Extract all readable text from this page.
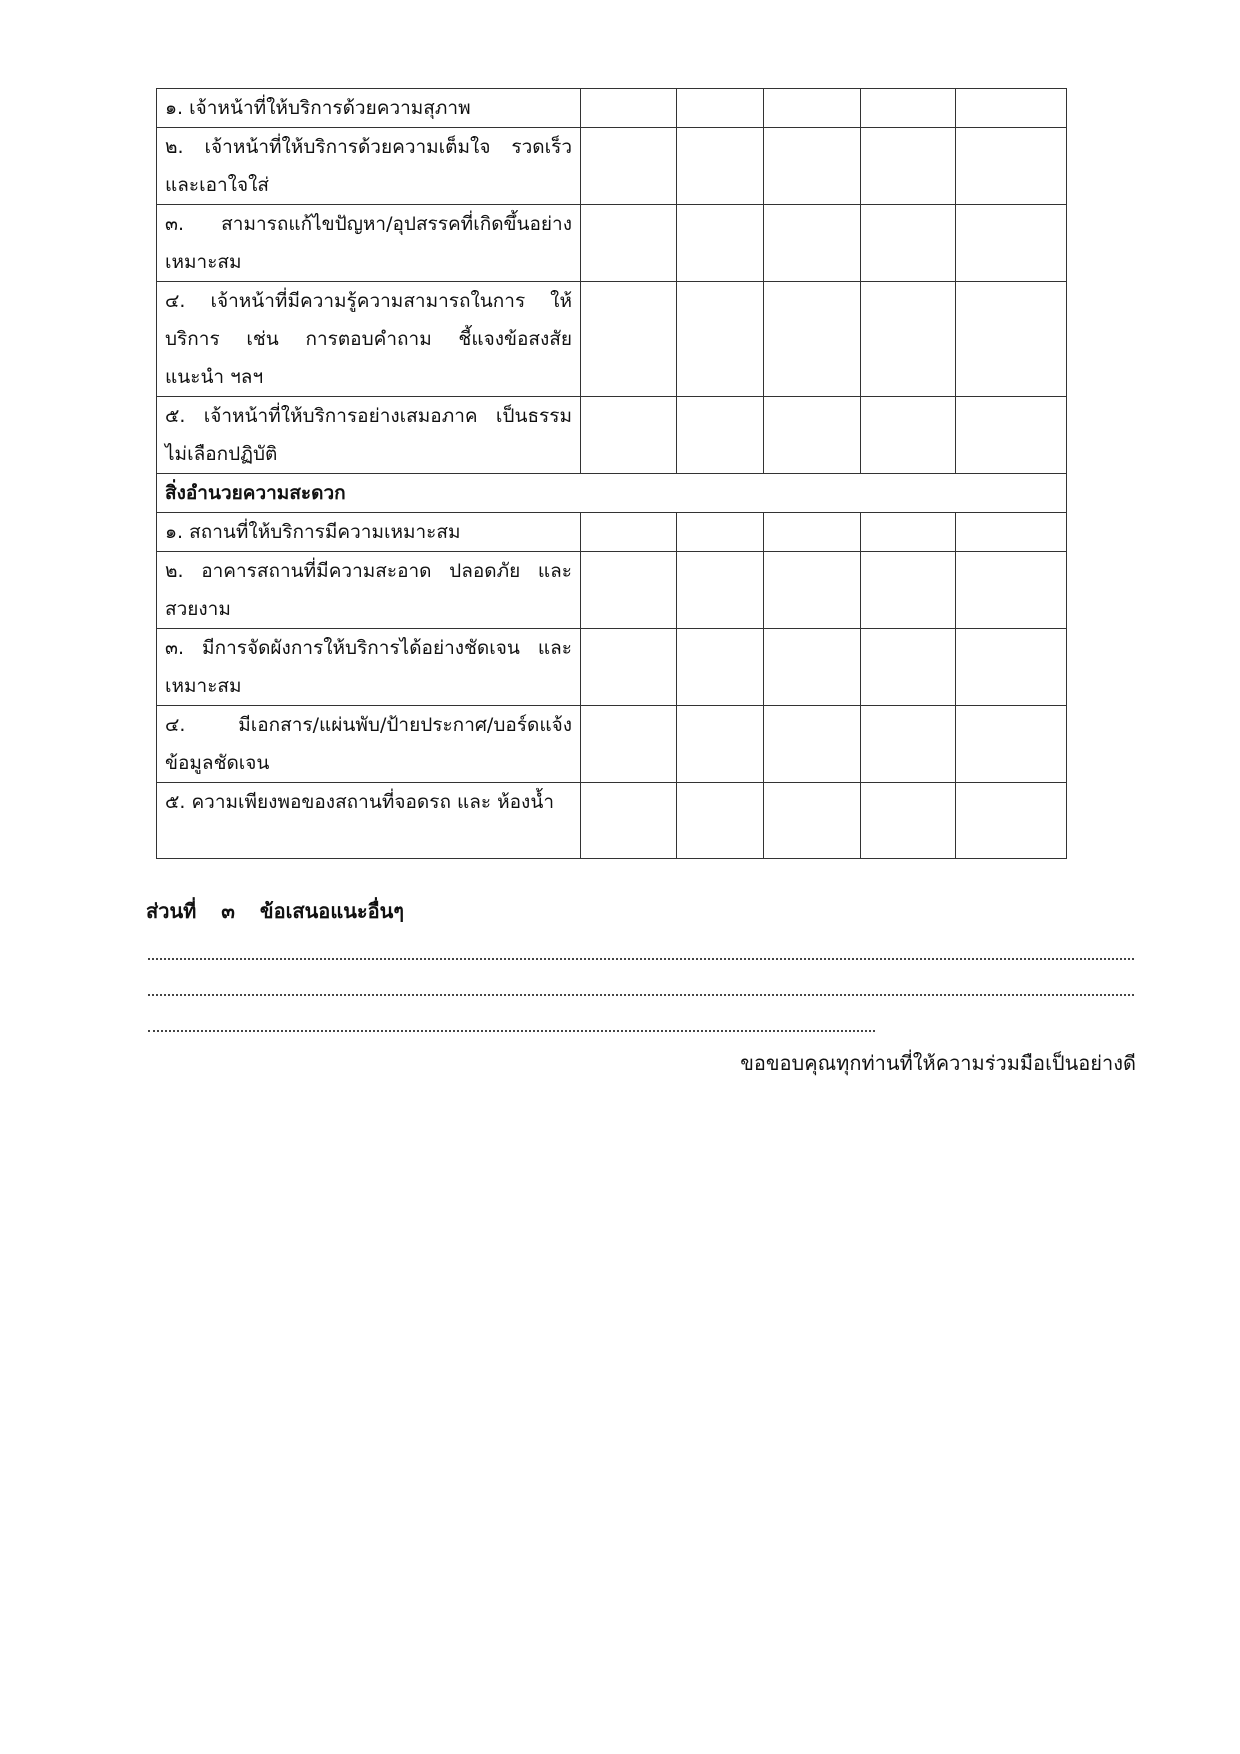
๑. เจ้าหน้าที่ให้บริการด้วยความสุภาพ					
๒. เจ้าหน้าที่ให้บริการด้วยความเต็มใจ รวดเร็ว และเอาใจใส่					
๓. สามารถแก้ไขปัญหา/อุปสรรคที่เกิดขึ้นอย่าง เหมาะสม					
๔. เจ้าหน้าที่มีความรู้ความสามารถในการ ให้บริการ เช่น การตอบคำถาม ชี้แจงข้อสงสัย แนะนำ ฯลฯ					
๕. เจ้าหน้าที่ให้บริการอย่างเสมอภาค เป็นธรรม ไม่เลือกปฏิบัติ					
สิ่งอำนวยความสะดวก					
๑. สถานที่ให้บริการมีความเหมาะสม					
๒. อาคารสถานที่มีความสะอาด ปลอดภัย และสวยงาม					
๓. มีการจัดผังการให้บริการได้อย่างชัดเจน และเหมาะสม					
๔. มีเอกสาร/แผ่นพับ/ป้ายประกาศ/บอร์ดแจ้ง ข้อมูลชัดเจน					
๕. ความเพียงพอของสถานที่จอดรถ และ ห้องน้ำ					
ส่วนที่ ๓ ข้อเสนอแนะอื่นๆ
ขอขอบคุณทุกท่านที่ให้ความร่วมมือเป็นอย่างดี
